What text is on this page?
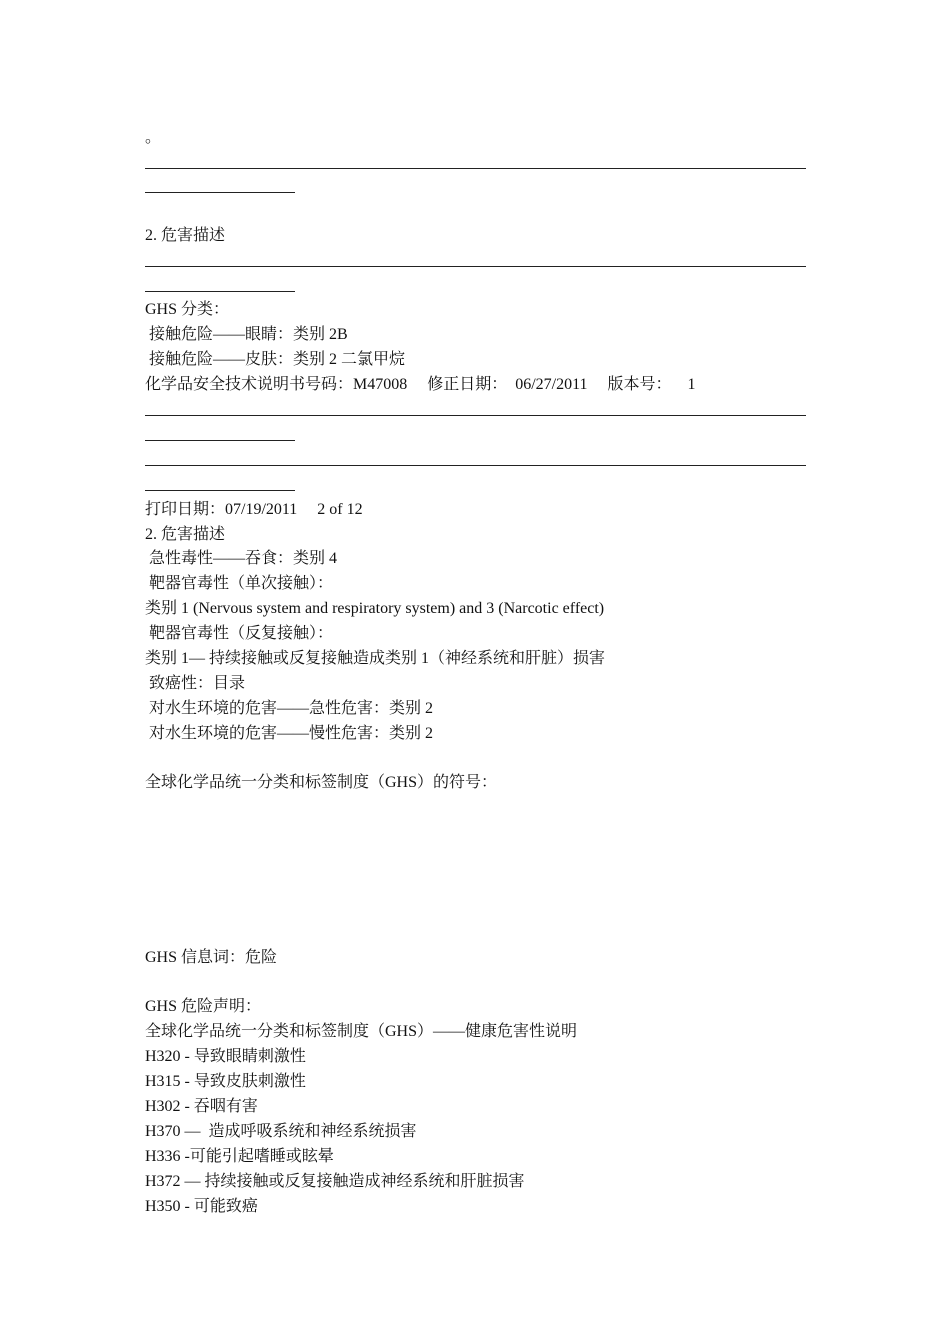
。
2. 危害描述
GHS 分类：
接触危险——眼睛：类别 2B
接触危险——皮肤：类别 2 二氯甲烷
化学品安全技术说明书号码：M47008     修正日期：  06/27/2011     版本号：    1
打印日期：07/19/2011     2 of 12
2. 危害描述
急性毒性——吞食：类别 4
靶器官毒性（单次接触）：
类别 1 (Nervous system and respiratory system) and 3 (Narcotic effect)
靶器官毒性（反复接触）：
类别 1— 持续接触或反复接触造成类别 1（神经系统和肝脏）损害
致癌性：目录
对水生环境的危害——急性危害：类别 2
对水生环境的危害——慢性危害：类别 2
全球化学品统一分类和标签制度（GHS）的符号：
GHS 信息词：危险
GHS 危险声明：
全球化学品统一分类和标签制度（GHS）——健康危害性说明
H320 - 导致眼睛刺激性
H315 - 导致皮肤刺激性
H302 - 吞咽有害
H370 —  造成呼吸系统和神经系统损害
H336 -可能引起嗜睡或眩晕
H372 — 持续接触或反复接触造成神经系统和肝脏损害
H350 - 可能致癌
